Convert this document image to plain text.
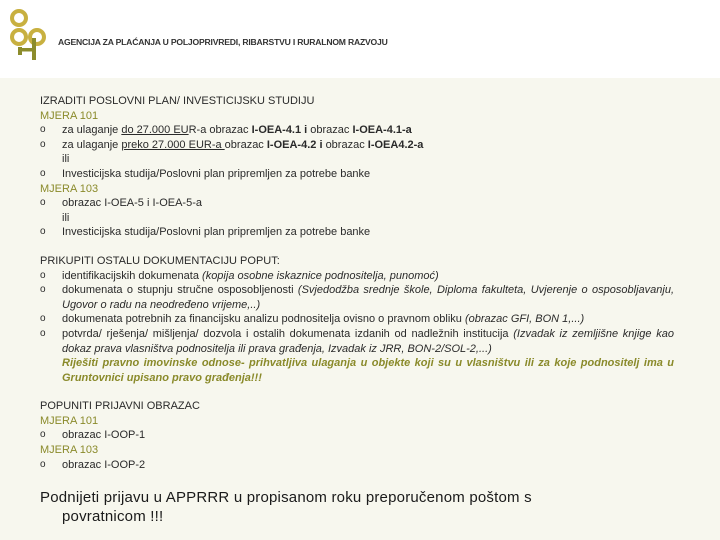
AGENCIJA ZA PLAĆANJA U POLJOPRIVREDI, RIBARSTVU I RURALNOM RAZVOJU
IZRADITI POSLOVNI PLAN/ INVESTICIJSKU STUDIJU
MJERA 101
o za ulaganje do 27.000 EUR-a obrazac I-OEA-4.1 i obrazac I-OEA-4.1-a
o za ulaganje preko 27.000 EUR-a obrazac I-OEA-4.2 i obrazac I-OEA4.2-a
ili
o Investicijska studija/Poslovni plan pripremljen za potrebe banke
MJERA 103
o obrazac I-OEA-5 i I-OEA-5-a
ili
o Investicijska studija/Poslovni plan pripremljen za potrebe banke
PRIKUPITI OSTALU DOKUMENTACIJU POPUT:
o identifikacijskih dokumenata (kopija osobne iskaznice podnositelja, punomoć)
o dokumenata o stupnju stručne osposobljenosti (Svjedodžba srednje škole, Diploma fakulteta, Uvjerenje o osposobljavanju, Ugovor o radu na neodređeno vrijeme,..)
o dokumenata potrebnih za financijsku analizu podnositelja ovisno o pravnom obliku (obrazac GFI, BON 1,...)
o potvrda/ rješenja/ mišljenja/ dozvola i ostalih dokumenata izdanih od nadležnih institucija (Izvadak iz zemljišne knjige kao dokaz prava vlasništva podnositelja ili prava građenja, Izvadak iz JRR, BON-2/SOL-2,...)
Riješiti pravno imovinske odnose- prihvatljiva ulaganja u objekte koji su u vlasništvu ili za koje podnositelj ima u Gruntovnici upisano pravo građenja!!!
POPUNITI PRIJAVNI OBRAZAC
MJERA 101
o obrazac I-OOP-1
MJERA 103
o obrazac I-OOP-2
Podnijeti prijavu u APPRRR u propisanom roku preporučenom poštom s
povratnicom !!!
